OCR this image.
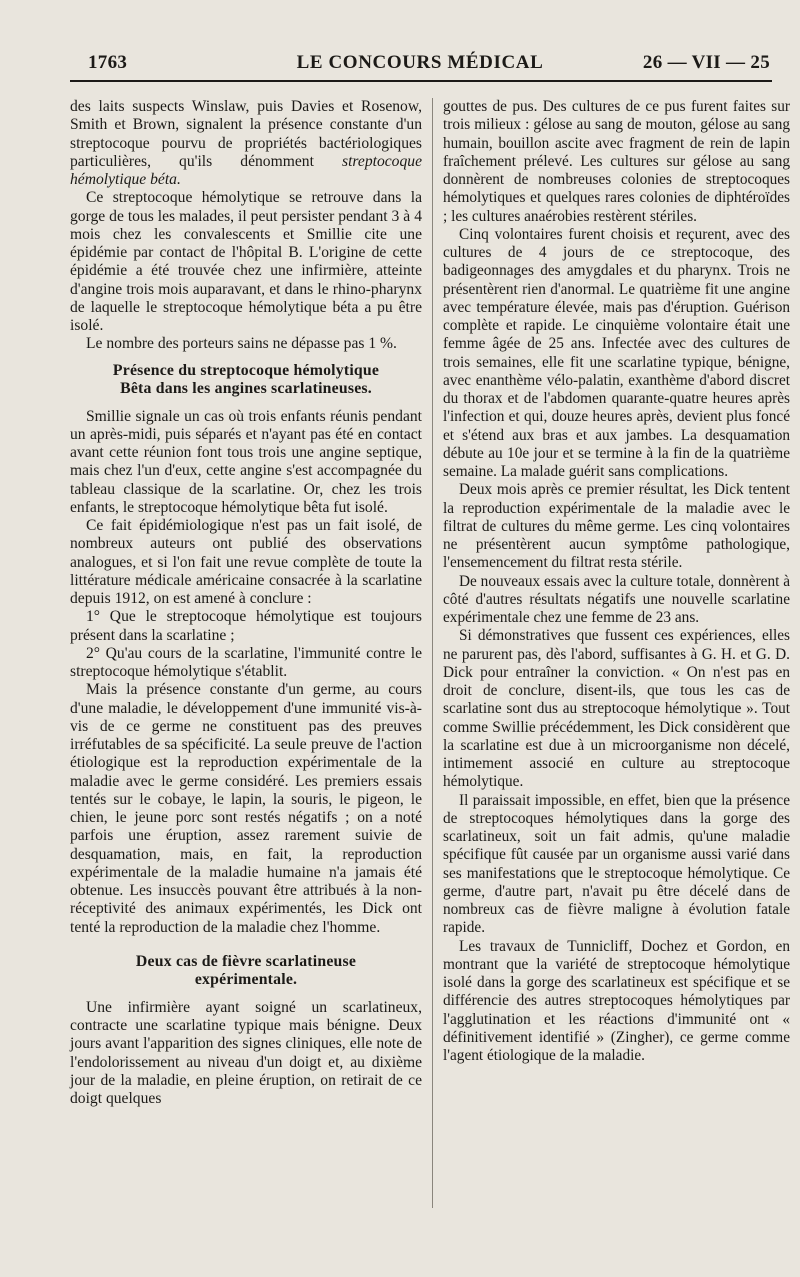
1763	LE CONCOURS MÉDICAL	26 — VII — 25

des laits suspects Winslaw, puis Davies et Rosenow, Smith et Brown, signalent la présence constante d'un streptocoque pourvu de propriétés bactériologiques particulières, qu'ils dénomment streptocoque hémolytique béta.

Ce streptocoque hémolytique se retrouve dans la gorge de tous les malades, il peut persister pendant 3 à 4 mois chez les convalescents et Smillie cite une épidémie par contact de l'hôpital B. L'origine de cette épidémie a été trouvée chez une infirmière, atteinte d'angine trois mois auparavant, et dans le rhino-pharynx de laquelle le streptocoque hémolytique béta a pu être isolé.

Le nombre des porteurs sains ne dépasse pas 1 %.

Présence du streptocoque hémolytique
Bêta dans les angines scarlatineuses.

Smillie signale un cas où trois enfants réunis pendant un après-midi, puis séparés et n'ayant pas été en contact avant cette réunion font tous trois une angine septique, mais chez l'un d'eux, cette angine s'est accompagnée du tableau classique de la scarlatine. Or, chez les trois enfants, le streptocoque hémolytique bêta fut isolé.

Ce fait épidémiologique n'est pas un fait isolé, de nombreux auteurs ont publié des observations analogues, et si l'on fait une revue complète de toute la littérature médicale américaine consacrée à la scarlatine depuis 1912, on est amené à conclure :

1° Que le streptocoque hémolytique est toujours présent dans la scarlatine ;

2° Qu'au cours de la scarlatine, l'immunité contre le streptocoque hémolytique s'établit.

Mais la présence constante d'un germe, au cours d'une maladie, le développement d'une immunité vis-à-vis de ce germe ne constituent pas des preuves irréfutables de sa spécificité. La seule preuve de l'action étiologique est la reproduction expérimentale de la maladie avec le germe considéré. Les premiers essais tentés sur le cobaye, le lapin, la souris, le pigeon, le chien, le jeune porc sont restés négatifs ; on a noté parfois une éruption, assez rarement suivie de desquamation, mais, en fait, la reproduction expérimentale de la maladie humaine n'a jamais été obtenue. Les insuccès pouvant être attribués à la non-réceptivité des animaux expérimentés, les Dick ont tenté la reproduction de la maladie chez l'homme.

Deux cas de fièvre scarlatineuse
expérimentale.

Une infirmière ayant soigné un scarlatineux, contracte une scarlatine typique mais bénigne. Deux jours avant l'apparition des signes cliniques, elle note de l'endolorissement au niveau d'un doigt et, au dixième jour de la maladie, en pleine éruption, on retirait de ce doigt quelques

gouttes de pus. Des cultures de ce pus furent faites sur trois milieux : gélose au sang de mouton, gélose au sang humain, bouillon ascite avec fragment de rein de lapin fraîchement prélevé. Les cultures sur gélose au sang donnèrent de nombreuses colonies de streptocoques hémolytiques et quelques rares colonies de diphtéroïdes ; les cultures anaérobies restèrent stériles.

Cinq volontaires furent choisis et reçurent, avec des cultures de 4 jours de ce streptocoque, des badigeonnages des amygdales et du pharynx. Trois ne présentèrent rien d'anormal. Le quatrième fit une angine avec température élevée, mais pas d'éruption. Guérison complète et rapide. Le cinquième volontaire était une femme âgée de 25 ans. Infectée avec des cultures de trois semaines, elle fit une scarlatine typique, bénigne, avec enanthème vélo-palatin, exanthème d'abord discret du thorax et de l'abdomen quarante-quatre heures après l'infection et qui, douze heures après, devient plus foncé et s'étend aux bras et aux jambes. La desquamation débute au 10e jour et se termine à la fin de la quatrième semaine. La malade guérit sans complications.

Deux mois après ce premier résultat, les Dick tentent la reproduction expérimentale de la maladie avec le filtrat de cultures du même germe. Les cinq volontaires ne présentèrent aucun symptôme pathologique, l'ensemencement du filtrat resta stérile.

De nouveaux essais avec la culture totale, donnèrent à côté d'autres résultats négatifs une nouvelle scarlatine expérimentale chez une femme de 23 ans.

Si démonstratives que fussent ces expériences, elles ne parurent pas, dès l'abord, suffisantes à G. H. et G. D. Dick pour entraîner la conviction. « On n'est pas en droit de conclure, disent-ils, que tous les cas de scarlatine sont dus au streptocoque hémolytique ». Tout comme Swillie précédemment, les Dick considèrent que la scarlatine est due à un microorganisme non décelé, intimement associé en culture au streptocoque hémolytique.

Il paraissait impossible, en effet, bien que la présence de streptocoques hémolytiques dans la gorge des scarlatineux, soit un fait admis, qu'une maladie spécifique fût causée par un organisme aussi varié dans ses manifestations que le streptocoque hémolytique. Ce germe, d'autre part, n'avait pu être décelé dans de nombreux cas de fièvre maligne à évolution fatale rapide.

Les travaux de Tunnicliff, Dochez et Gordon, en montrant que la variété de streptocoque hémolytique isolé dans la gorge des scarlatineux est spécifique et se différencie des autres streptocoques hémolytiques par l'agglutination et les réactions d'immunité ont « définitivement identifié » (Zingher), ce germe comme l'agent étiologique de la maladie.
